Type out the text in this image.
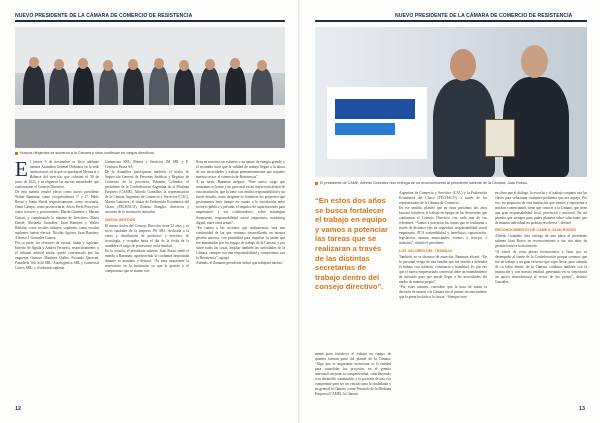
NUEVO PRESIDENTE DE LA CÁMARA DE COMERCIO DE RESISTENCIA
Nuevos dirigentes se sumaron a la Cámara y otros continúan en cargos directivos.

El jueves 9 de noviembre se llevó adelante nuestra Asamblea General Ordinaria en la sede institucional, en la que se aprobaron Memoria y Balance del ejercicio que culminó el 30 de junio de 2023, y se eligieron las nuevas autoridades que conformarán el Consejo Directivo.

De esta manera resultó electo como nuevo presidente Walter Bamman, como vicepresidentes 1° y 2°, Pablo Rosso y Sonia Slusik respectivamente, como secretaria, Omar Campo, como prosecretaria, Alicia Perth Peirceyra; como tesorero y prosecretario, Martín Giménez y Marina Cariati, y completando la nómina de directivos, María Dalelé, Abelardo González, Juan Ramírez y Walter Báñolin, como vocales titulares; suplentes, como vocales suplentes fueron electos: Nicolás Aguirre, Juan Ramírez, Alfonso J. Gonzalez Gomez.

Por su parte, los revisores de cuenta, titular y suplente, Ernesto Sé Aguila y Andrea Ferraresi, respectivamente; y el tribunal arbitral titular quedó conformado por las empresas Gustavo Martínez Quiles, Fuxando Quercan, Panadería Volt Schl SRL, Autologística SRL y Comercial Cortex SRL; y el tribunal suplente

Guanacazo SRL, Bienes y Servicios JM SRL y E. Centraca Pausa SA.

De la Asamblea participaron también, el titular de Inspección General de Personas Jurídicas y Registro de Comercio de la provincia, Eduardo Colombo; el presidente de la Confederación Argentina de la Mediana Empresa (CAME), Alfredo González; la representación de la Cámara Argentina de Comercio y Servicios (CAC), Martín Gutierrez; el titular de Federación Económica del Chaco (FECHACO), Ernesto Bonglio, directivos y asesores de la institución invitados.

NUEVA GESTIÓN

El nuevo titular del Consejo Directivo tiene 52 años y es socio fundador de la empresa JW SRL, dedicada a la venta y distribución de productos y servicios de tecnología, y ocupaba hasta el día de la fecha de la asamblea el cargo de protesorero en la entidad.

En la ocasión, el presidente saliente, Juan Rosso endió el mando a Bamman, agradeciendo la confianza depositada durante su mandato y destacó: “Es muy importante la renovación en la institución ya que la gestión y el compromiso que se asume con-

lleva en nosotros un esfuerzo y un aporte de energía grande, y el recambio hace que la calidad de trabajo llegue a la altura de sus necesidades y trabaja permanentemente que requiere nuestro sector, el comercio de Resistencia”.

A su turno, Bamman aseguró: “Este nuevo cargo que asumimos es honor y un paso más en mi trayectoria dentro de esta institución, que la tomo con mucha responsabilidad y un fuerte desafío, como dirigente es fortalecer los proyectos que gestionamos hace tiempo en cuanto a la vinculación entre sectores público y privado, el impulso de capacitaciones para empresarios y sus colaboradores, sobre estrategias financieras, responsabilidad social empresaria, marketing digital, entre otros temas”.

“En cuanto a las acciones que realizaremos, será una continuidad de las que venimos desarrollando en nuestra gestión anterior, con pluralidad para impulsar la unión que fue mantenidas por los equipo de trabajo de la Cámara, y por sobre todas las cosas, ampliar también las actividades de la Cámara, siempre con una responsabilidad y compromiso con la Resistencia”, agregó.

Además, el flamante presidente indicó que trabajará intensa-

12
NUEVO PRESIDENTE DE LA CÁMARA DE COMERCIO DE RESISTENCIA
El presidente de CAME, Alfredo González hizo entrega de un reconocimiento al presidente saliente de la Cámara, Juan Rosso.
“En estos dos años se busca fortalecer el trabajo en equipo y vamos a potenciar las tareas que se realizaran a través de las distintas secretarías de trabajo dentro del consejo directivo”.

mente para fortalecer el trabajo en equipo de quienes forman parte del plantel de la Cámara: “Algo que es importante mencionar es la entidad para consolidar los proyectos en el gremio mercantil, mejorar su competitividad, contribuyendo a su desarrollo sustentable; y la posición de una voz competente para ser un vínculo para la ciudadanía y en general la Cámara, como Ferrando de la Mediana Empresa (CAME), la Cámara

Argentina de Comercio y Servicios (CAC) y la Federación Económica del Chaco (FECHACO), a través de los representantes de la Cámara de Comercio.

En ese sentido, planteó que en estos próximos dos años buscará fortalecer el trabajo en equipo de las Secretarías que conforman el Consejo Directivo con cada una de sus referentes: “Vamos a potenciar las tareas que se realizaran a través de distintos ejes de seguridad, responsabilidad social empresaria, PCA sostenibilidad y beneficios, capacitación, legislación, asuntos municipales, eventos y festejos, e industria”, afirmó el presidente.

LOS VALORES DEL TRABAJO

También, en su discurso de asunción, Bamman afirmó: “En lo personal vengo de una familia que me enseñó a defender el trabajo con esfuerzo, constancia y humildad. Es por eso que el nuevo empresariado comercial debe un entendimiento de mercado para que pueda llegar a las necesidades del medio de manera propia”.

“Por estas razones, considero que la hora de tomar la decisión de asumir a la Cámara fue el primer reconocimiento que la gente ha dado a la fuerza. “Siempre tuve

en claro que el diálogo, la escucha y el trabajo conjunto son las claves para solucionar cualquier problema que nos aqueja. Por eso, mi propuesta de esta institución que iremos y representa a muchos comerciantes, tiene que conocer a la Cámara, que tiene una gran responsabilidad local, provincial y nacional. No así permita que siempre para poder plantear sobre soluciones que de manera individual no podrían resolverse”, declaró.

RECONOCIMIENTO DE CAME A JUAN ROSSO

Alfredo González hizo entrega de una placa al presidente saliente Juan Rosso en reconocimiento a sus dos años de gestión frente a la institución.

“A través de estas placas reconocemos a Juan, por su desempeño al frente de la Confederación porque creemos que fue un trabajo y un gran esfuerzo que supo llevar, pues además de su labor dentro de la Cámara, colabora también con la institución y con nuestra entidad, generando en su trayectoria un apoyo incondicional al sector de los pymes”, destacó González.

13
